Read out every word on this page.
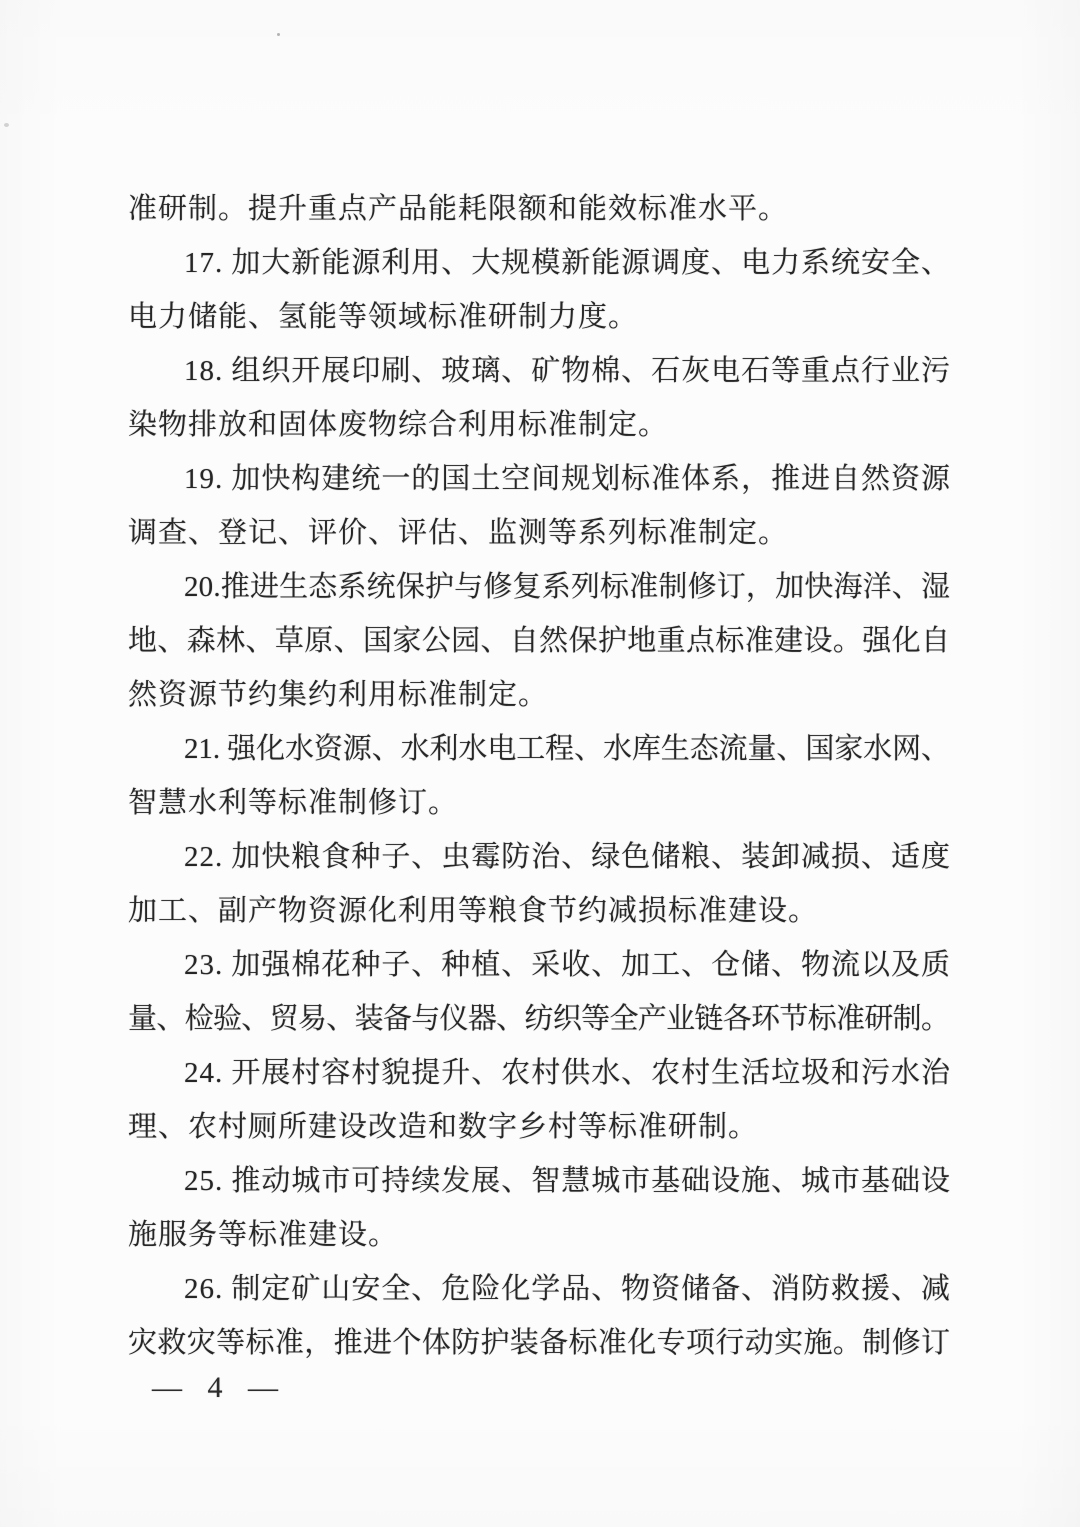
准研制。提升重点产品能耗限额和能效标准水平。
17. 加大新能源利用、大规模新能源调度、电力系统安全、
电力储能、氢能等领域标准研制力度。
18. 组织开展印刷、玻璃、矿物棉、石灰电石等重点行业污
染物排放和固体废物综合利用标准制定。
19. 加快构建统一的国土空间规划标准体系，推进自然资源
调查、登记、评价、评估、监测等系列标准制定。
20.推进生态系统保护与修复系列标准制修订，加快海洋、湿
地、森林、草原、国家公园、自然保护地重点标准建设。强化自
然资源节约集约利用标准制定。
21. 强化水资源、水利水电工程、水库生态流量、国家水网、
智慧水利等标准制修订。
22. 加快粮食种子、虫霉防治、绿色储粮、装卸减损、适度
加工、副产物资源化利用等粮食节约减损标准建设。
23. 加强棉花种子、种植、采收、加工、仓储、物流以及质
量、检验、贸易、装备与仪器、纺织等全产业链各环节标准研制。
24. 开展村容村貌提升、农村供水、农村生活垃圾和污水治
理、农村厕所建设改造和数字乡村等标准研制。
25. 推动城市可持续发展、智慧城市基础设施、城市基础设
施服务等标准建设。
26. 制定矿山安全、危险化学品、物资储备、消防救援、减
灾救灾等标准，推进个体防护装备标准化专项行动实施。制修订
— 4 —
